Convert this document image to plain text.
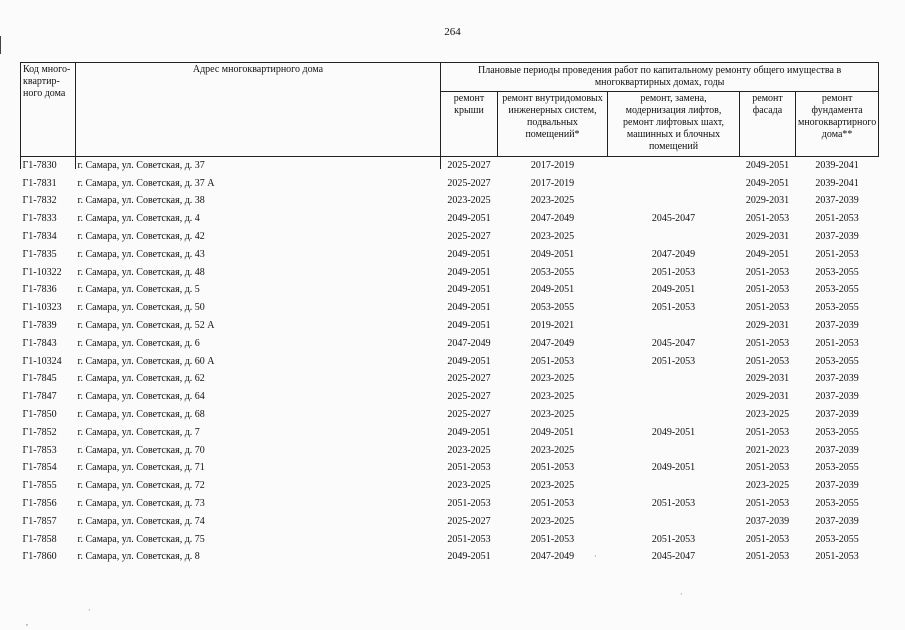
264
Код много-квартир-ного дома	Адрес многоквартирного дома	Плановые периоды проведения работ по капитальному ремонту общего имущества в многоквартирных домах, годы				
		ремонт крыши	ремонт внутридомовых инженерных систем, подвальных помещений*	ремонт, замена, модернизация лифтов, ремонт лифтовых шахт, машинных и блочных помещений	ремонт фасада	ремонт фундамента многоквартирного дома**
Г1-7830	г. Самара, ул. Советская, д. 37	2025-2027	2017-2019		2049-2051	2039-2041
Г1-7831	г. Самара, ул. Советская, д. 37 А	2025-2027	2017-2019		2049-2051	2039-2041
Г1-7832	г. Самара, ул. Советская, д. 38	2023-2025	2023-2025		2029-2031	2037-2039
Г1-7833	г. Самара, ул. Советская, д. 4	2049-2051	2047-2049	2045-2047	2051-2053	2051-2053
Г1-7834	г. Самара, ул. Советская, д. 42	2025-2027	2023-2025		2029-2031	2037-2039
Г1-7835	г. Самара, ул. Советская, д. 43	2049-2051	2049-2051	2047-2049	2049-2051	2051-2053
Г1-10322	г. Самара, ул. Советская, д. 48	2049-2051	2053-2055	2051-2053	2051-2053	2053-2055
Г1-7836	г. Самара, ул. Советская, д. 5	2049-2051	2049-2051	2049-2051	2051-2053	2053-2055
Г1-10323	г. Самара, ул. Советская, д. 50	2049-2051	2053-2055	2051-2053	2051-2053	2053-2055
Г1-7839	г. Самара, ул. Советская, д. 52 А	2049-2051	2019-2021		2029-2031	2037-2039
Г1-7843	г. Самара, ул. Советская, д. 6	2047-2049	2047-2049	2045-2047	2051-2053	2051-2053
Г1-10324	г. Самара, ул. Советская, д. 60 А	2049-2051	2051-2053	2051-2053	2051-2053	2053-2055
Г1-7845	г. Самара, ул. Советская, д. 62	2025-2027	2023-2025		2029-2031	2037-2039
Г1-7847	г. Самара, ул. Советская, д. 64	2025-2027	2023-2025		2029-2031	2037-2039
Г1-7850	г. Самара, ул. Советская, д. 68	2025-2027	2023-2025		2023-2025	2037-2039
Г1-7852	г. Самара, ул. Советская, д. 7	2049-2051	2049-2051	2049-2051	2051-2053	2053-2055
Г1-7853	г. Самара, ул. Советская, д. 70	2023-2025	2023-2025		2021-2023	2037-2039
Г1-7854	г. Самара, ул. Советская, д. 71	2051-2053	2051-2053	2049-2051	2051-2053	2053-2055
Г1-7855	г. Самара, ул. Советская, д. 72	2023-2025	2023-2025		2023-2025	2037-2039
Г1-7856	г. Самара, ул. Советская, д. 73	2051-2053	2051-2053	2051-2053	2051-2053	2053-2055
Г1-7857	г. Самара, ул. Советская, д. 74	2025-2027	2023-2025		2037-2039	2037-2039
Г1-7858	г. Самара, ул. Советская, д. 75	2051-2053	2051-2053	2051-2053	2051-2053	2053-2055
Г1-7860	г. Самара, ул. Советская, д. 8	2049-2051	2047-2049	2045-2047	2051-2053	2051-2053
·
,
·
·
